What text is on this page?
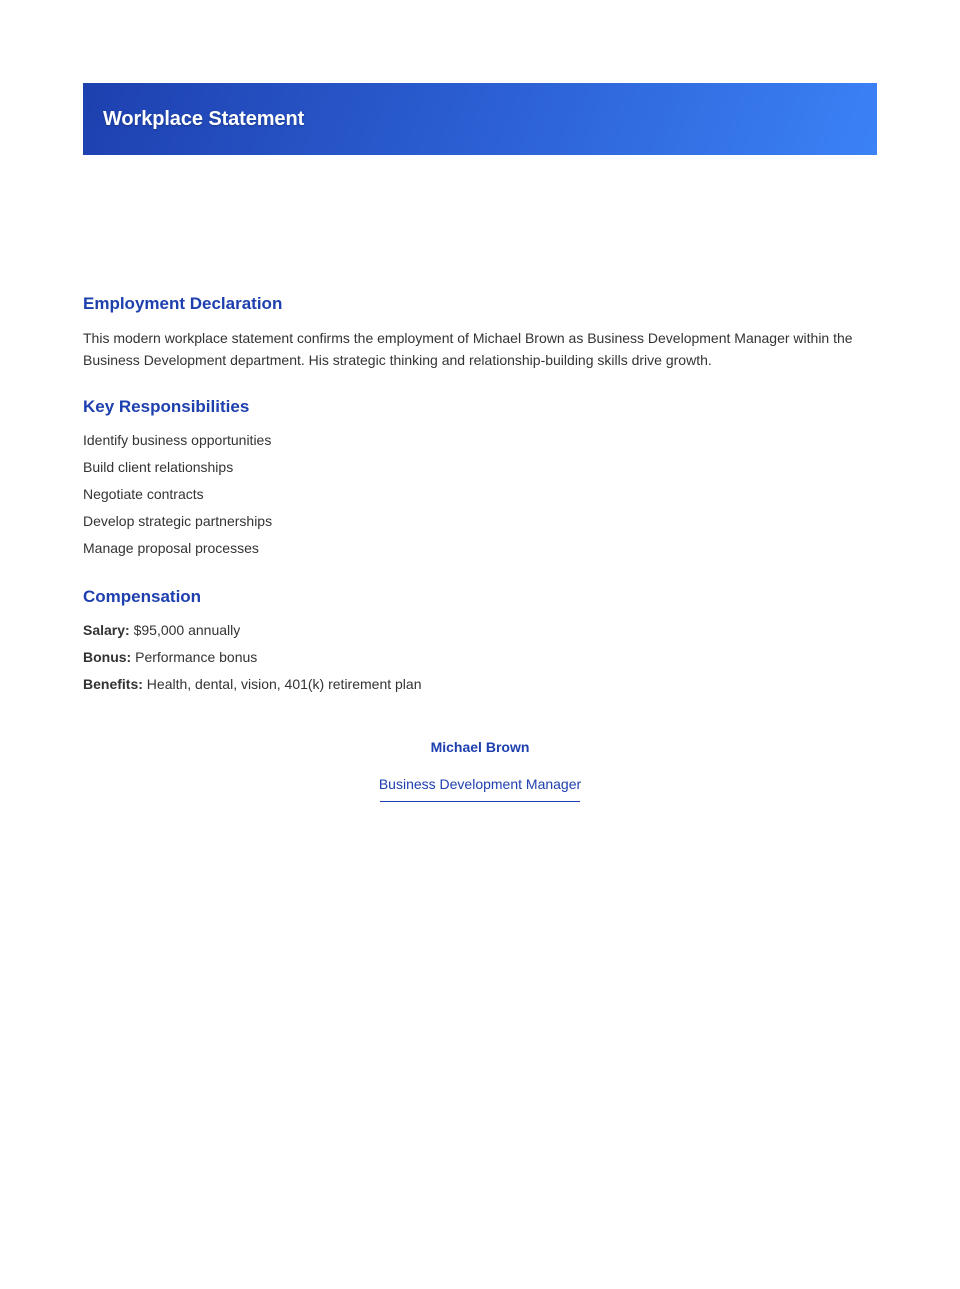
Workplace Statement
Employment Declaration

This modern workplace statement confirms the employment of Michael Brown as Business Development Manager within the Business Development department. His strategic thinking and relationship-building skills drive growth.

Key Responsibilities
Identify business opportunities
Build client relationships
Negotiate contracts
Develop strategic partnerships
Manage proposal processes
Compensation
Salary: $95,000 annually
Bonus: Performance bonus
Benefits: Health, dental, vision, 401(k) retirement plan
Michael Brown
Business Development Manager
